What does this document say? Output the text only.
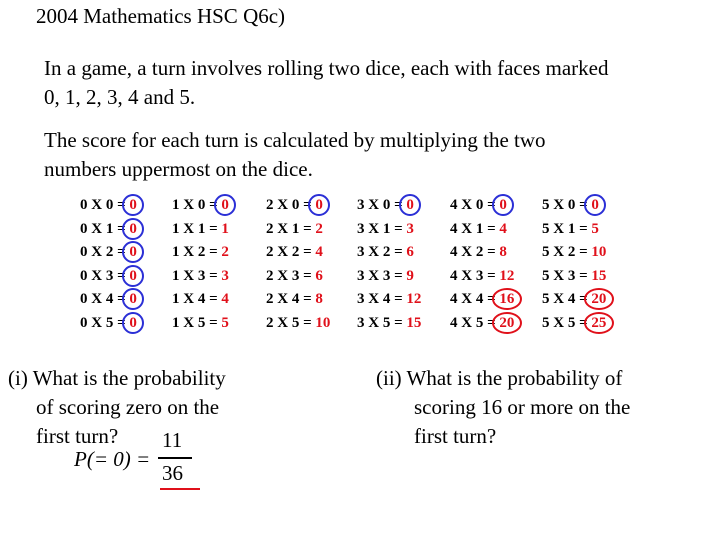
2004 Mathematics HSC Q6c)
In a game, a turn involves rolling two dice, each with faces marked
0, 1, 2, 3, 4 and 5.
The score for each turn is calculated by multiplying the two
numbers uppermost on the dice.
0 X 0 = 0
0 X 1 = 0
0 X 2 = 0
0 X 3 = 0
0 X 4 = 0
0 X 5 = 0
1 X 0 = 0
1 X 1 = 1
1 X 2 = 2
1 X 3 = 3
1 X 4 = 4
1 X 5 = 5
2 X 0 = 0
2 X 1 = 2
2 X 2 = 4
2 X 3 = 6
2 X 4 = 8
2 X 5 = 10
3 X 0 = 0
3 X 1 = 3
3 X 2 = 6
3 X 3 = 9
3 X 4 = 12
3 X 5 = 15
4 X 0 = 0
4 X 1 = 4
4 X 2 = 8
4 X 3 = 12
4 X 4 = 16
4 X 5 = 20
5 X 0 = 0
5 X 1 = 5
5 X 2 = 10
5 X 3 = 15
5 X 4 = 20
5 X 5 = 25
(i) What is the probability
of scoring zero on the
first turn?
P(= 0) =
11
36
(ii) What is the probability of
scoring 16 or more on the
first turn?
